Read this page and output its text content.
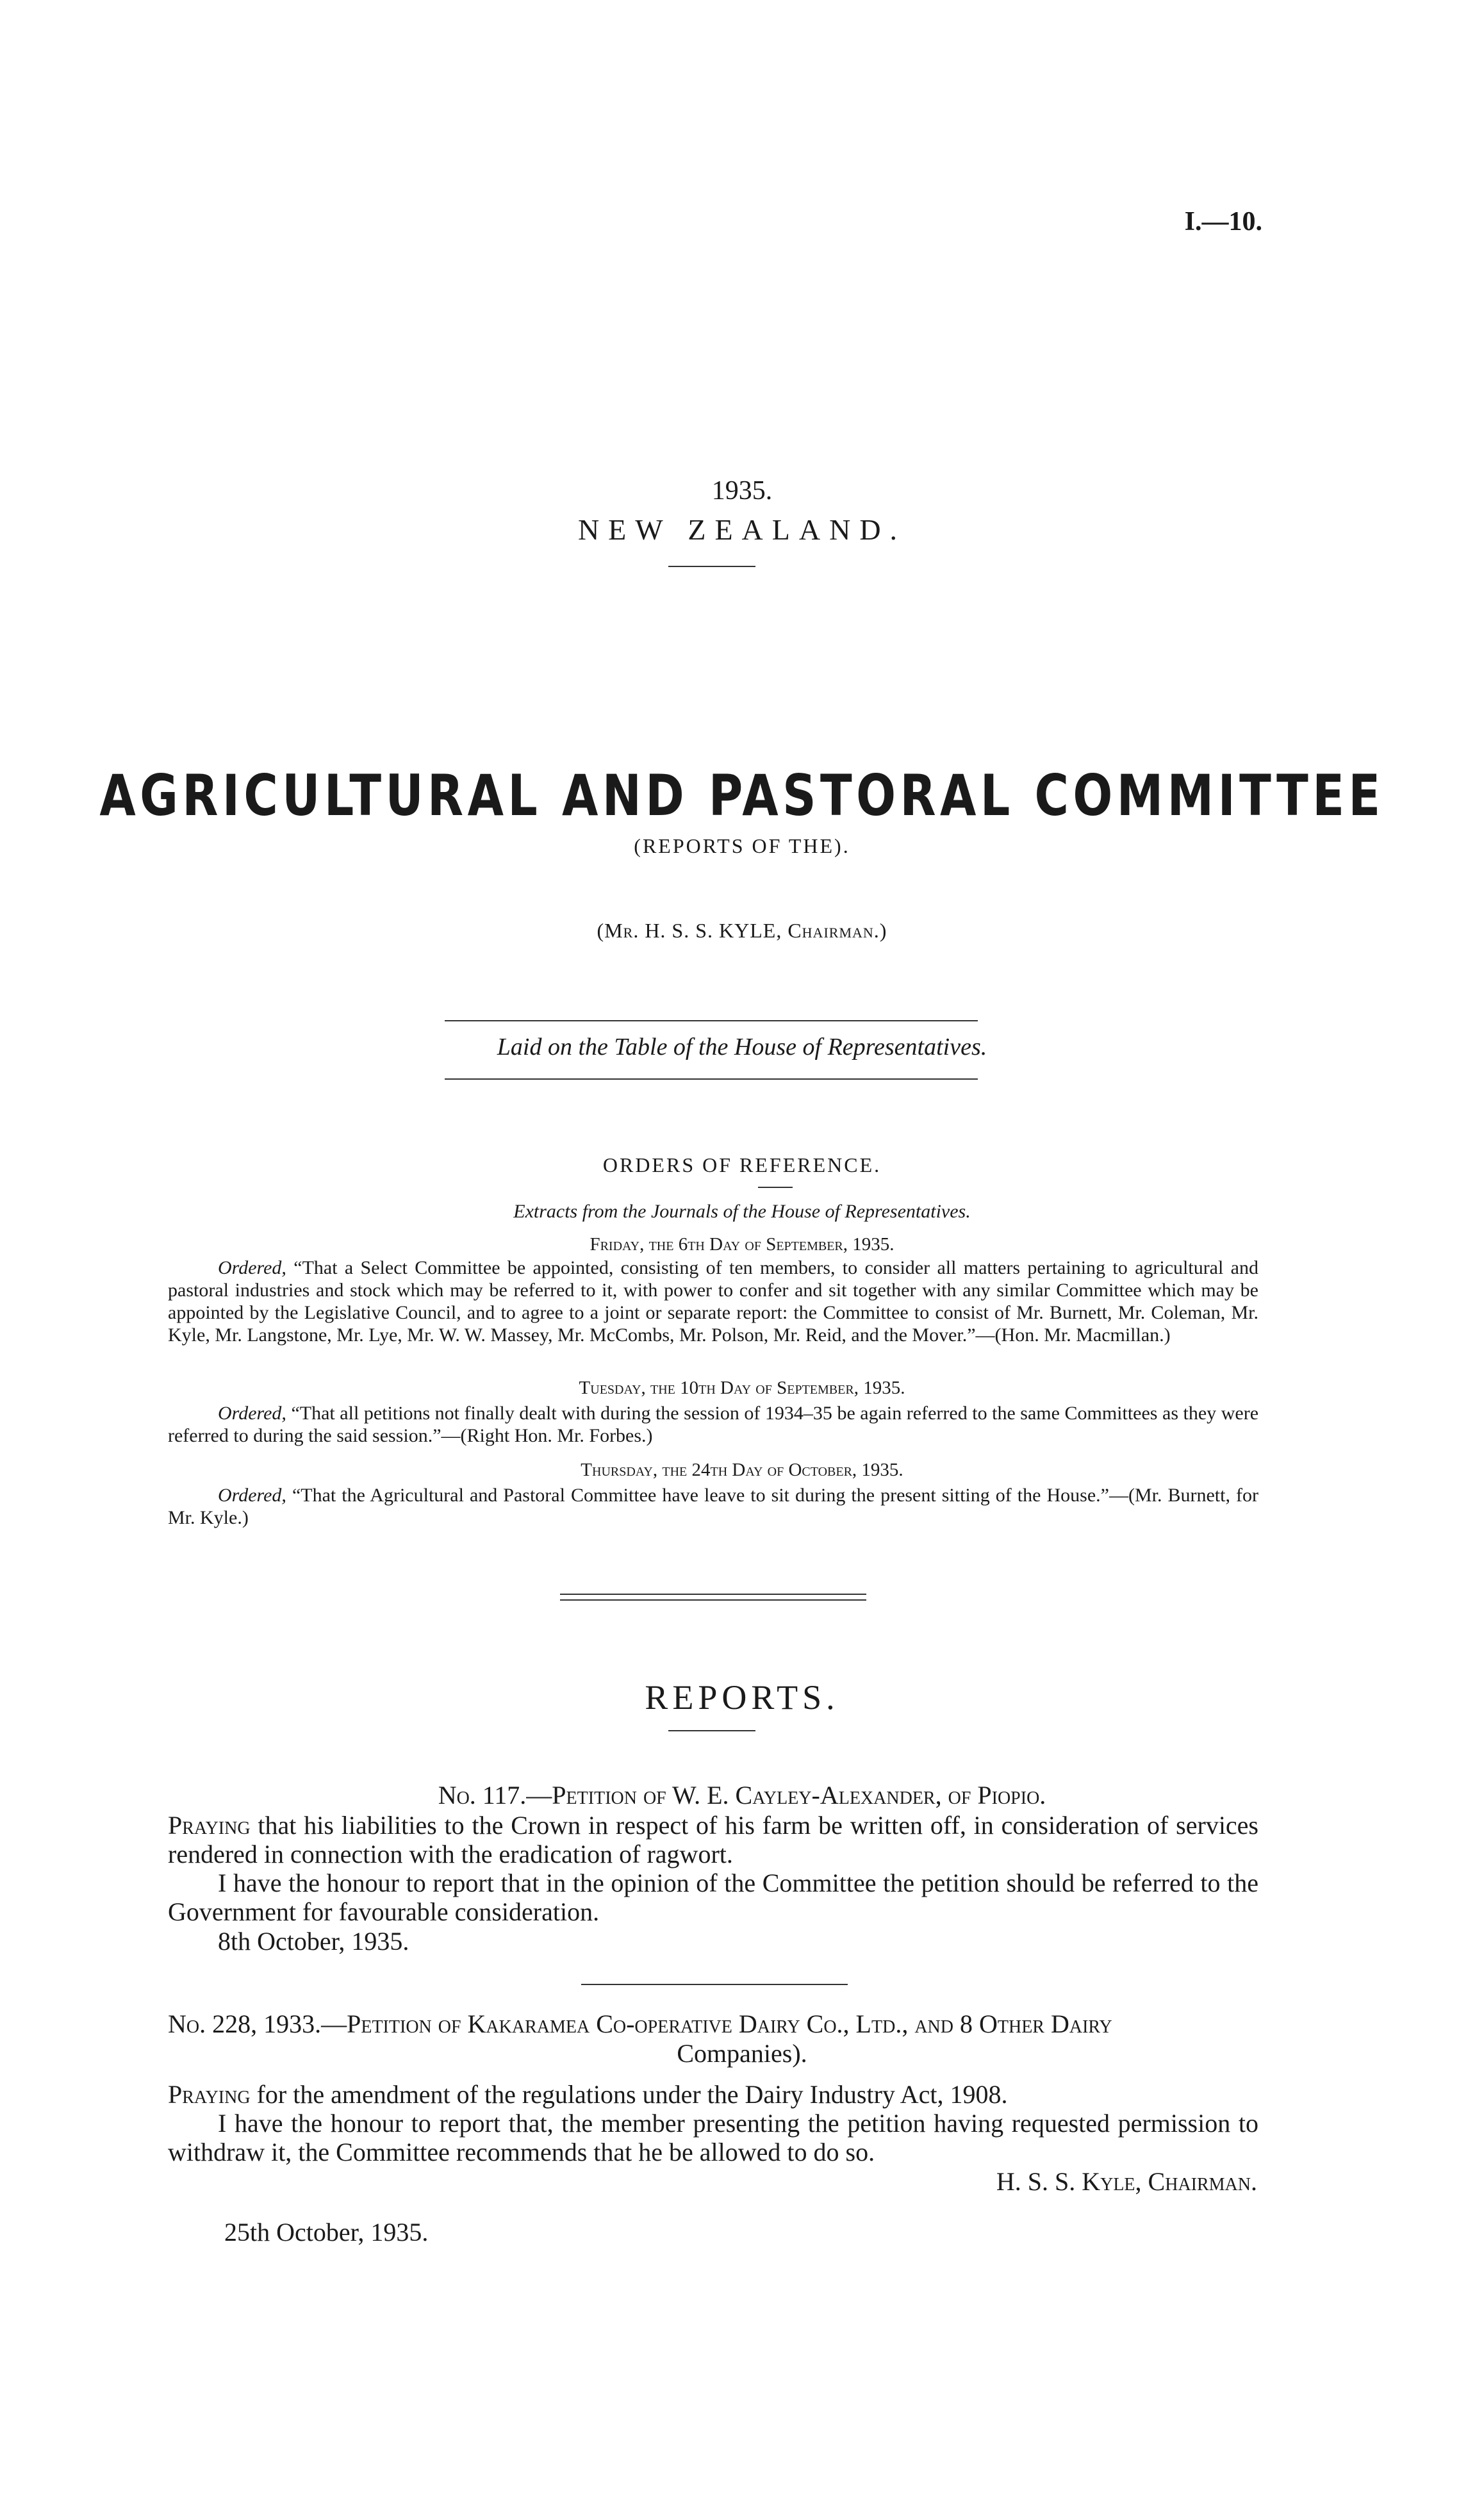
I.—10.
1935.
NEW ZEALAND.
AGRICULTURAL AND PASTORAL COMMITTEE
(REPORTS OF THE).
(Mr. H. S. S. KYLE, Chairman.)
Laid on the Table of the House of Representatives.
ORDERS OF REFERENCE.
Extracts from the Journals of the House of Representatives.
Friday, the 6th Day of September, 1935.
Ordered, “That a Select Committee be appointed, consisting of ten members, to consider all matters pertaining to agricultural and pastoral industries and stock which may be referred to it, with power to confer and sit together with any similar Committee which may be appointed by the Legislative Council, and to agree to a joint or separate report: the Committee to consist of Mr. Burnett, Mr. Coleman, Mr. Kyle, Mr. Langstone, Mr. Lye, Mr. W. W. Massey, Mr. McCombs, Mr. Polson, Mr. Reid, and the Mover.”—(Hon. Mr. Macmillan.)
Tuesday, the 10th Day of September, 1935.
Ordered, “That all petitions not finally dealt with during the session of 1934–35 be again referred to the same Committees as they were referred to during the said session.”—(Right Hon. Mr. Forbes.)
Thursday, the 24th Day of October, 1935.
Ordered, “That the Agricultural and Pastoral Committee have leave to sit during the present sitting of the House.”—(Mr. Burnett, for Mr. Kyle.)
REPORTS.
No. 117.—Petition of W. E. Cayley-Alexander, of Piopio.
Praying that his liabilities to the Crown in respect of his farm be written off, in consideration of services rendered in connection with the eradication of ragwort.
I have the honour to report that in the opinion of the Committee the petition should be referred to the Government for favourable consideration.
8th October, 1935.
No. 228, 1933.—Petition of Kakaramea Co-operative Dairy Co., Ltd., and 8 Other Dairy
Companies).
Praying for the amendment of the regulations under the Dairy Industry Act, 1908.
I have the honour to report that, the member presenting the petition having requested permission to withdraw it, the Committee recommends that he be allowed to do so.
H. S. S. Kyle, Chairman.
25th October, 1935.
